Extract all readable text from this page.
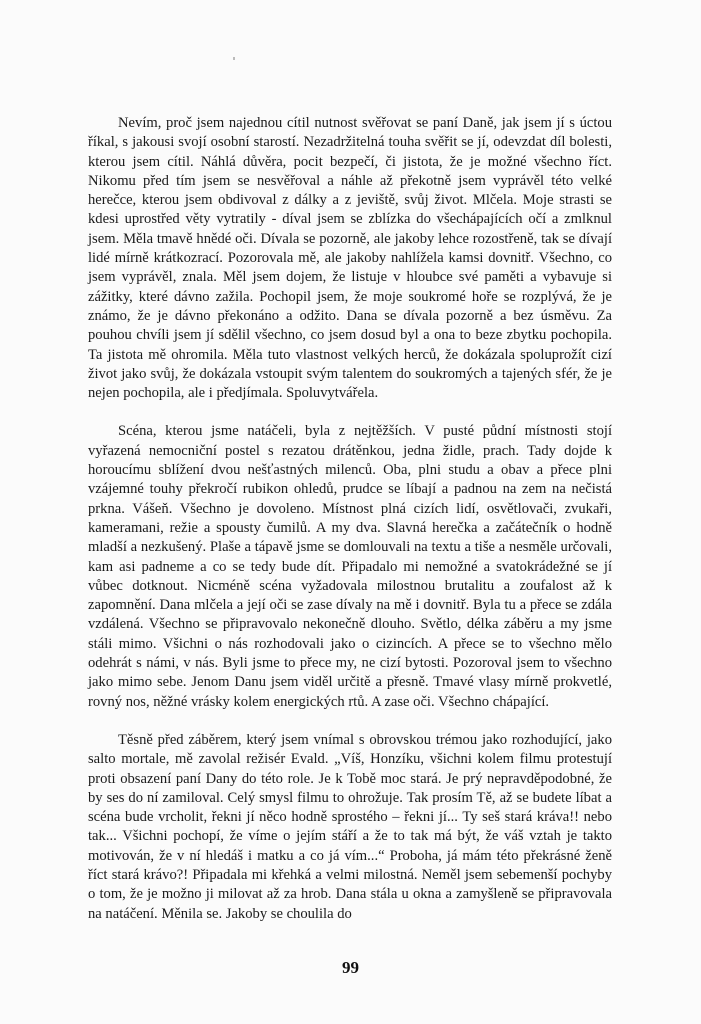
Nevím, proč jsem najednou cítil nutnost svěřovat se paní Daně, jak jsem jí s úctou říkal, s jakousi svojí osobní starostí. Nezadržitelná touha svěřit se jí, odevzdat díl bolesti, kterou jsem cítil. Náhlá důvěra, pocit bezpečí, či jistota, že je možné všechno říct. Nikomu před tím jsem se nesvěřoval a náhle až překotně jsem vyprávěl této velké herečce, kterou jsem obdivoval z dálky a z jeviště, svůj život. Mlčela. Moje strasti se kdesi uprostřed věty vytratily - díval jsem se zblízka do všechápajících očí a zmlknul jsem. Měla tmavě hnědé oči. Dívala se pozorně, ale jakoby lehce rozostřeně, tak se dívají lidé mírně krátkozrací. Pozorovala mě, ale jakoby nahlížela kamsi dovnitř. Všechno, co jsem vyprávěl, znala. Měl jsem dojem, že listuje v hloubce své paměti a vybavuje si zážitky, které dávno zažila. Pochopil jsem, že moje soukromé hoře se rozplývá, že je známo, že je dávno překonáno a odžito. Dana se dívala pozorně a bez úsměvu. Za pouhou chvíli jsem jí sdělil všechno, co jsem dosud byl a ona to beze zbytku pochopila. Ta jistota mě ohromila. Měla tuto vlastnost velkých herců, že dokázala spoluprožít cizí život jako svůj, že dokázala vstoupit svým talentem do soukromých a tajených sfér, že je nejen pochopila, ale i předjímala. Spoluvytvářela.

Scéna, kterou jsme natáčeli, byla z nejtěžších. V pusté půdní místnosti stojí vyřazená nemocniční postel s rezatou drátěnkou, jedna židle, prach. Tady dojde k horoucímu sblížení dvou nešťastných milenců. Oba, plni studu a obav a přece plni vzájemné touhy překročí rubikon ohledů, prudce se líbají a padnou na zem na nečistá prkna. Vášeň. Všechno je dovoleno. Místnost plná cizích lidí, osvětlovači, zvukaři, kameramani, režie a spousty čumilů. A my dva. Slavná herečka a začátečník o hodně mladší a nezkušený. Plaše a tápavě jsme se domlouvali na textu a tiše a nesměle určovali, kam asi padneme a co se tedy bude dít. Připadalo mi nemožné a svatokrádežné se jí vůbec dotknout. Nicméně scéna vyžadovala milostnou brutalitu a zoufalost až k zapomnění. Dana mlčela a její oči se zase dívaly na mě i dovnitř. Byla tu a přece se zdála vzdálená. Všechno se připravovalo nekonečně dlouho. Světlo, délka záběru a my jsme stáli mimo. Všichni o nás rozhodovali jako o cizincích. A přece se to všechno mělo odehrát s námi, v nás. Byli jsme to přece my, ne cizí bytosti. Pozoroval jsem to všechno jako mimo sebe. Jenom Danu jsem viděl určitě a přesně. Tmavé vlasy mírně prokvetlé, rovný nos, něžné vrásky kolem energických rtů. A zase oči. Všechno chápající.

Těsně před záběrem, který jsem vnímal s obrovskou trémou jako rozhodující, jako salto mortale, mě zavolal režisér Evald. „Víš, Honzíku, všichni kolem filmu protestují proti obsazení paní Dany do této role. Je k Tobě moc stará. Je prý nepravděpodobné, že by ses do ní zamiloval. Celý smysl filmu to ohrožuje. Tak prosím Tě, až se budete líbat a scéna bude vrcholit, řekni jí něco hodně sprostého – řekni jí... Ty seš stará kráva!! nebo tak... Všichni pochopí, že víme o jejím stáří a že to tak má být, že váš vztah je takto motivován, že v ní hledáš i matku a co já vím...“ Proboha, já mám této překrásné ženě říct stará krávo?! Připadala mi křehká a velmi milostná. Neměl jsem sebemenší pochyby o tom, že je možno ji milovat až za hrob. Dana stála u okna a zamyšleně se připravovala na natáčení. Měnila se. Jakoby se choulila do

99
